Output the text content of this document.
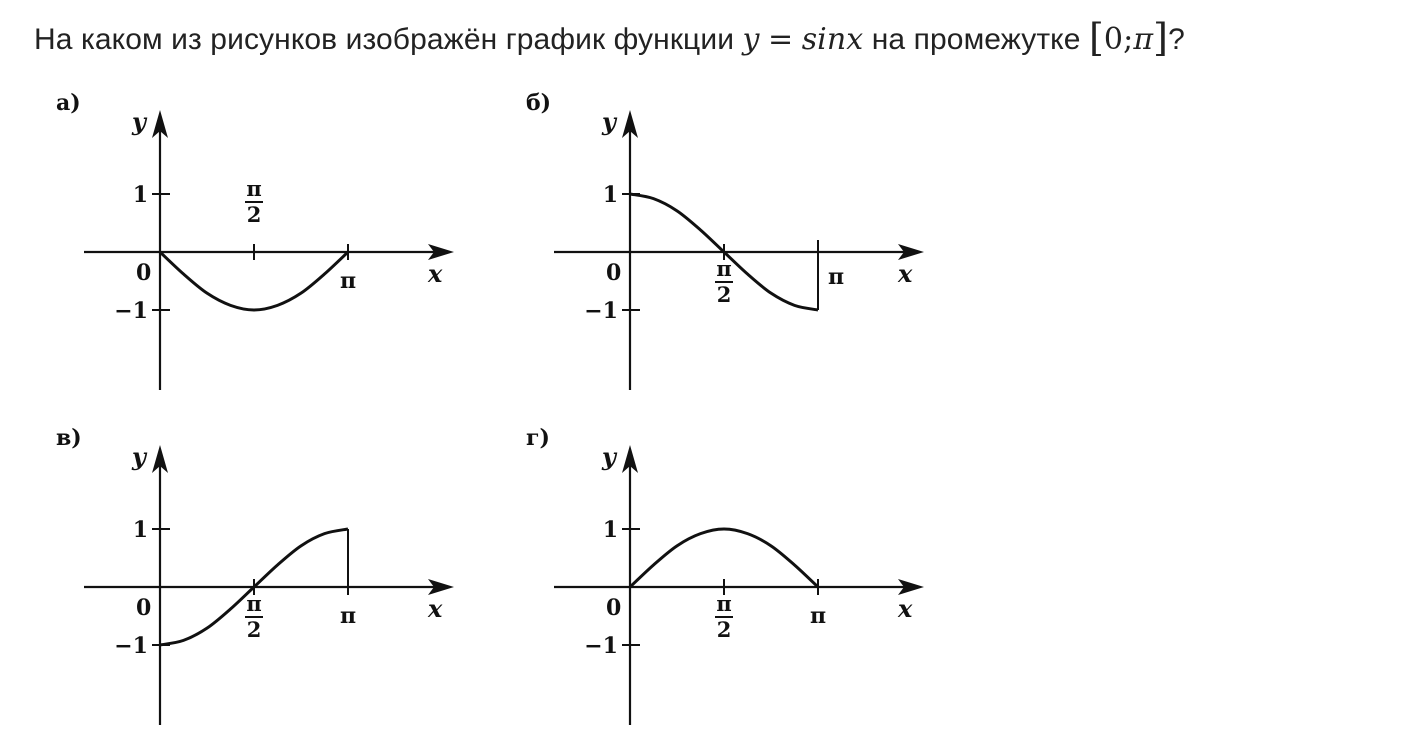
На каком из рисунков изображён график функции y = sinx на промежутке [0;π]?
а)
y
x
0
1
−1
π
2
π
б)
y
x
0
1
−1
π
2
π
в)
y
x
0
1
−1
π
2
π
г)
y
x
0
1
−1
π
2
π
